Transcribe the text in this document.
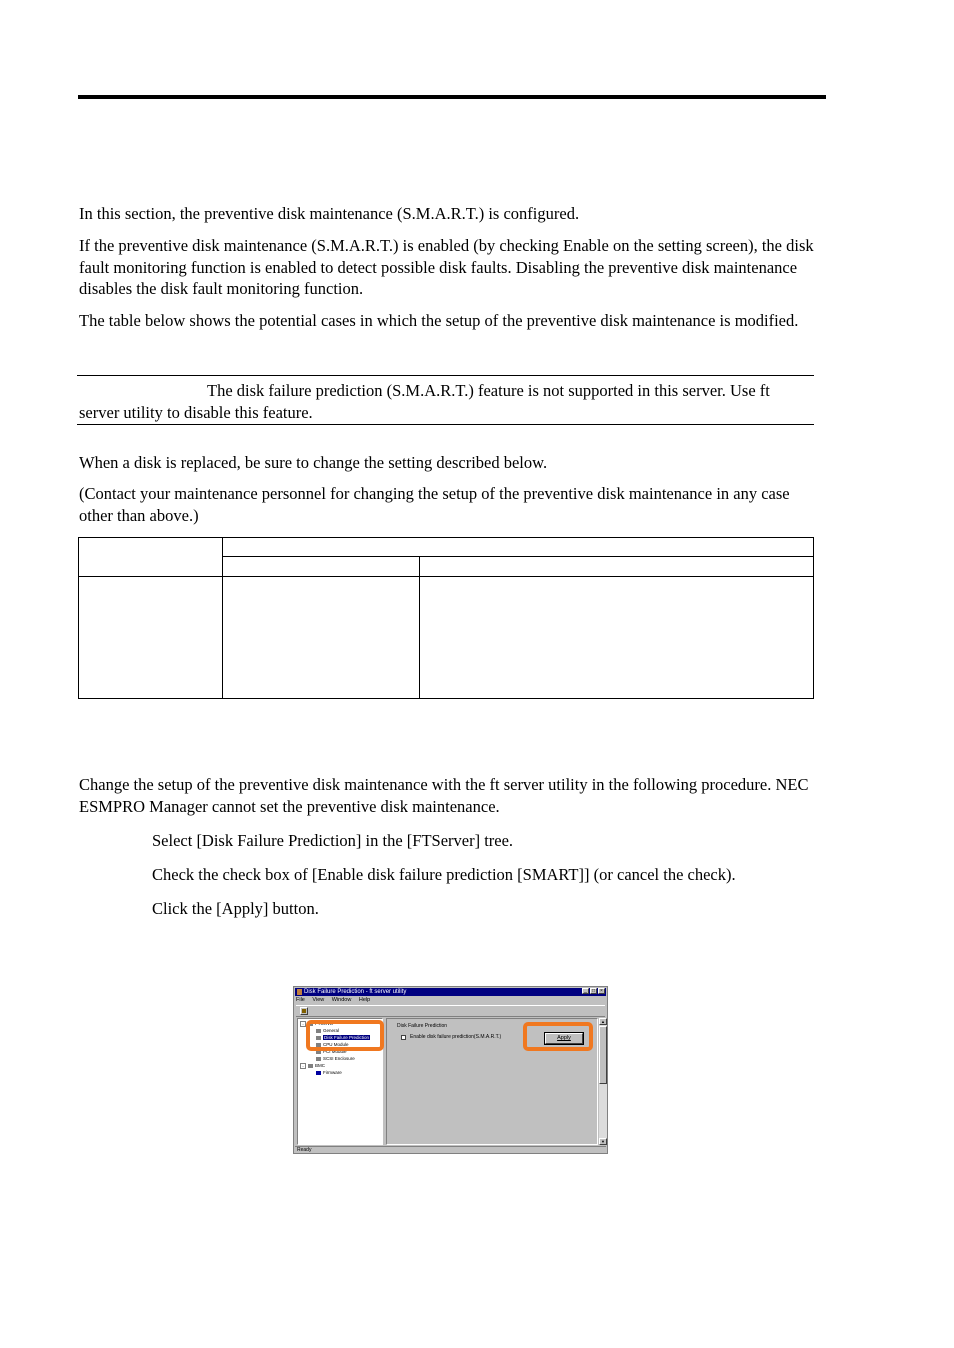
In this section, the preventive disk maintenance (S.M.A.R.T.) is configured.

If the preventive disk maintenance (S.M.A.R.T.) is enabled (by checking Enable on the setting screen), the disk fault monitoring function is enabled to detect possible disk faults. Disabling the preventive disk maintenance disables the disk fault monitoring function.

The table below shows the potential cases in which the setup of the preventive disk maintenance is modified.

The disk failure prediction (S.M.A.R.T.) feature is not supported in this server. Use ft server utility to disable this feature.

When a disk is replaced, be sure to change the setting described below.

(Contact your maintenance personnel for changing the setup of the preventive disk maintenance in any case other than above.)

Change the setup of the preventive disk maintenance with the ft server utility in the following procedure. NEC ESMPRO Manager cannot set the preventive disk maintenance.

Select [Disk Failure Prediction] in the [FTServer] tree.

Check the check box of [Enable disk failure prediction [SMART]] (or cancel the check).

Click the [Apply] button.

Disk Failure Prediction - ft server utility	_	□	×
File View Window Help
-	FTServer
General
Disk Failure Prediction
CPU Module
PCI Module
SCSI Enclosure
-	BMC
Firmware
Disk Failure Prediction
Enable disk failure prediction(S.M.A.R.T.)	Apply
▲
▼
Ready
